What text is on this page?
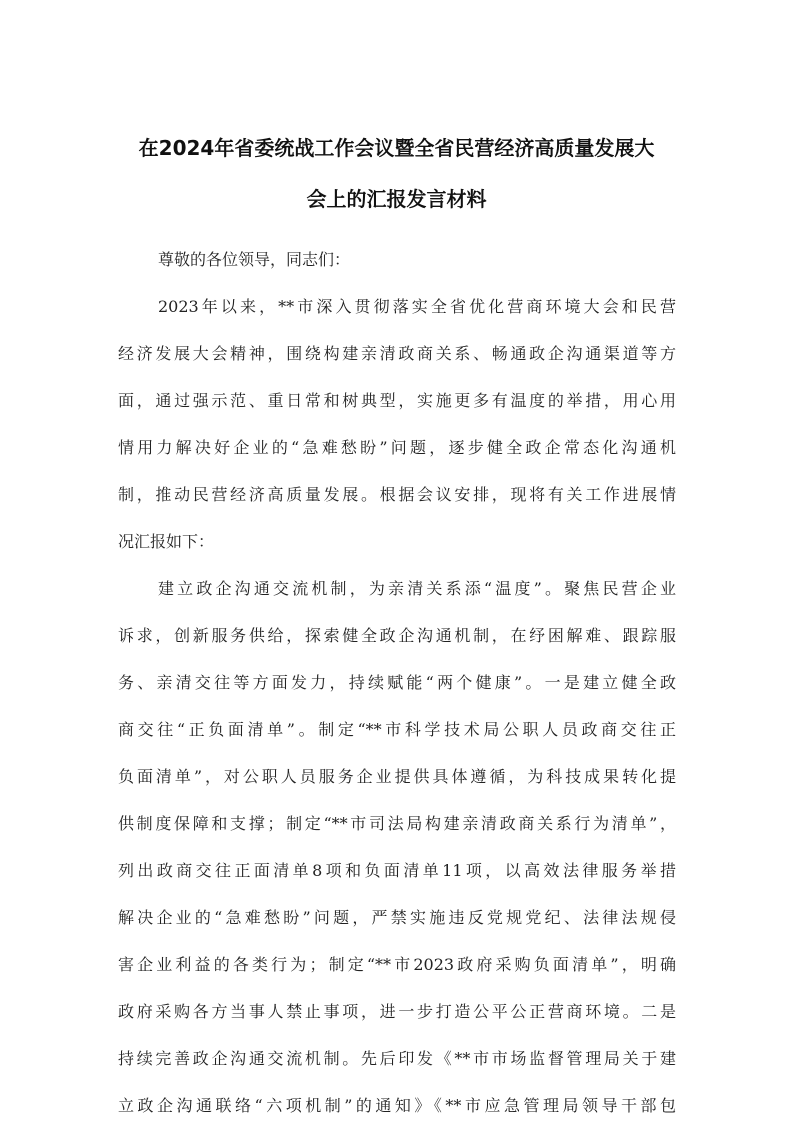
在2024年省委统战工作会议暨全省民营经济高质量发展大
会上的汇报发言材料

尊敬的各位领导，同志们：

2023年以来，**市深入贯彻落实全省优化营商环境大会和民营

经济发展大会精神，围绕构建亲清政商关系、畅通政企沟通渠道等方

面，通过强示范、重日常和树典型，实施更多有温度的举措，用心用

情用力解决好企业的“急难愁盼”问题，逐步健全政企常态化沟通机

制，推动民营经济高质量发展。根据会议安排，现将有关工作进展情

况汇报如下：

建立政企沟通交流机制，为亲清关系添“温度”。聚焦民营企业

诉求，创新服务供给，探索健全政企沟通机制，在纾困解难、跟踪服

务、亲清交往等方面发力，持续赋能“两个健康”。一是建立健全政

商交往“正负面清单”。制定“**市科学技术局公职人员政商交往正

负面清单”，对公职人员服务企业提供具体遵循，为科技成果转化提

供制度保障和支撑；制定“**市司法局构建亲清政商关系行为清单”，

列出政商交往正面清单8项和负面清单11项，以高效法律服务举措

解决企业的“急难愁盼”问题，严禁实施违反党规党纪、法律法规侵

害企业利益的各类行为；制定“**市2023政府采购负面清单”，明确

政府采购各方当事人禁止事项，进一步打造公平公正营商环境。二是

持续完善政企沟通交流机制。先后印发《**市市场监督管理局关于建

立政企沟通联络“六项机制”的通知》《**市应急管理局领导干部包
